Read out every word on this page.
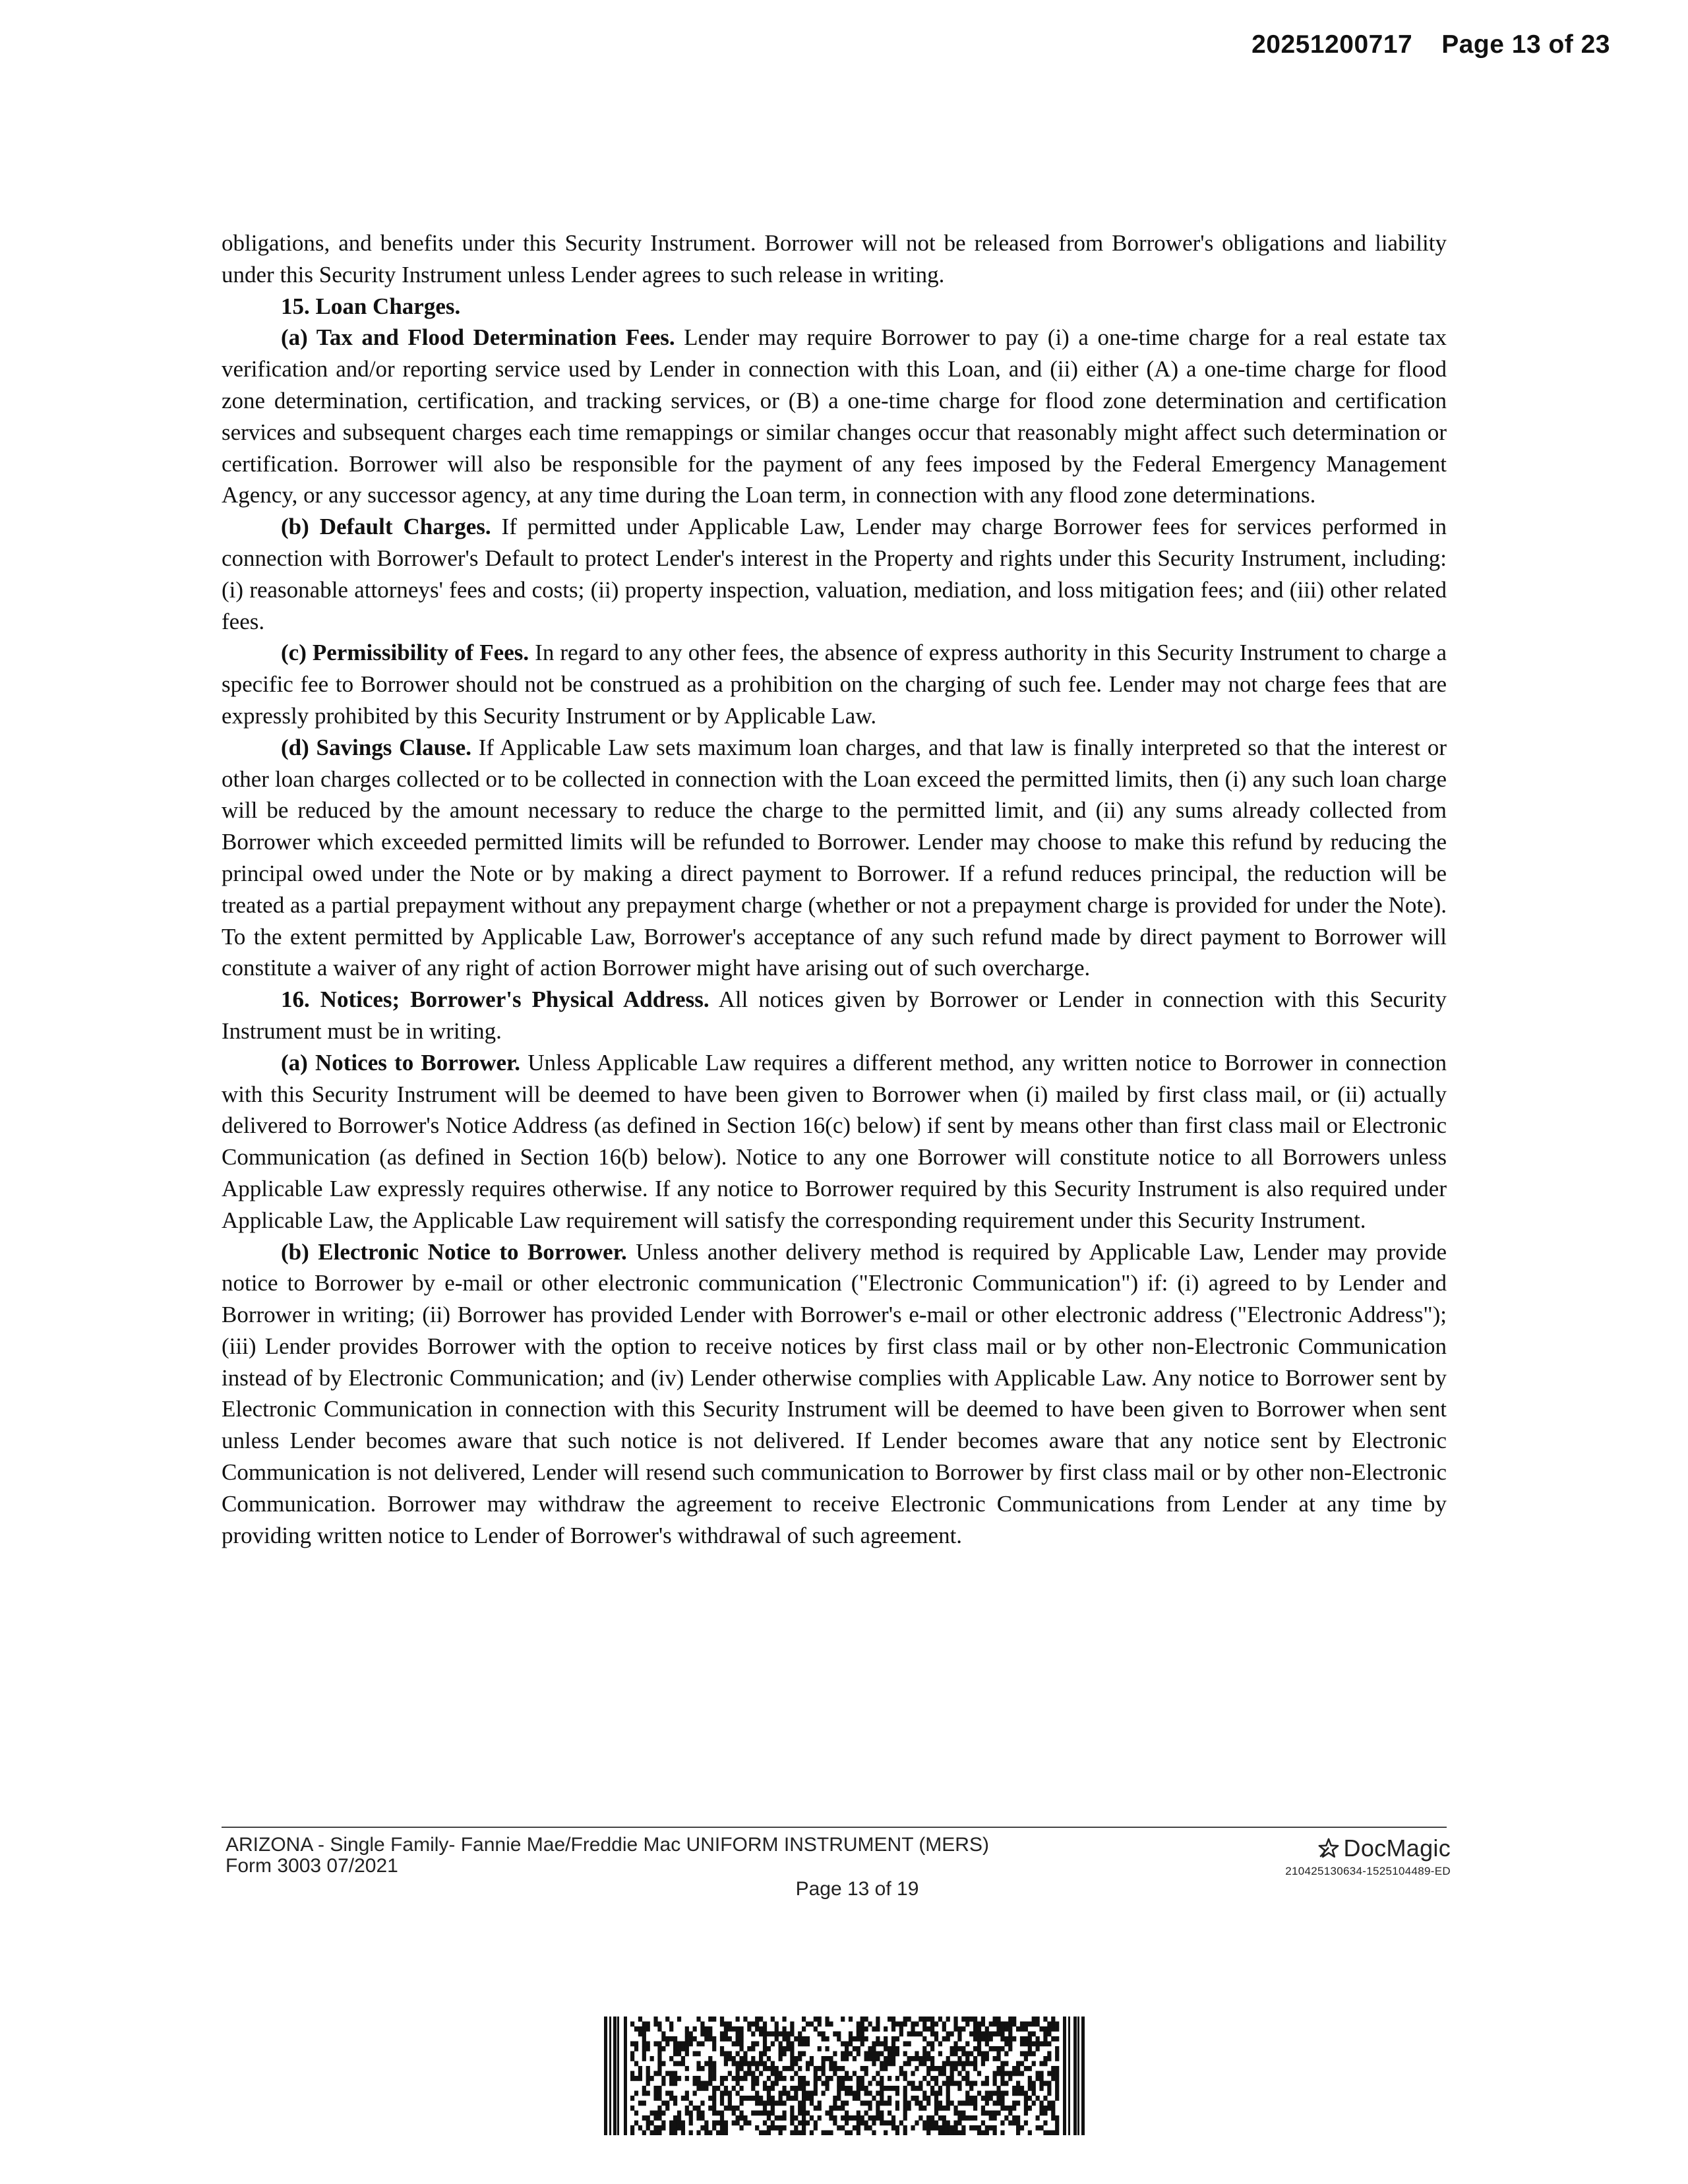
20251200717 Page 13 of 23

obligations, and benefits under this Security Instrument. Borrower will not be released from Borrower's obligations and liability under this Security Instrument unless Lender agrees to such release in writing.

15. Loan Charges.

(a) Tax and Flood Determination Fees. Lender may require Borrower to pay (i) a one-time charge for a real estate tax verification and/or reporting service used by Lender in connection with this Loan, and (ii) either (A) a one-time charge for flood zone determination, certification, and tracking services, or (B) a one-time charge for flood zone determination and certification services and subsequent charges each time remappings or similar changes occur that reasonably might affect such determination or certification. Borrower will also be responsible for the payment of any fees imposed by the Federal Emergency Management Agency, or any successor agency, at any time during the Loan term, in connection with any flood zone determinations.

(b) Default Charges. If permitted under Applicable Law, Lender may charge Borrower fees for services performed in connection with Borrower's Default to protect Lender's interest in the Property and rights under this Security Instrument, including: (i) reasonable attorneys' fees and costs; (ii) property inspection, valuation, mediation, and loss mitigation fees; and (iii) other related fees.

(c) Permissibility of Fees. In regard to any other fees, the absence of express authority in this Security Instrument to charge a specific fee to Borrower should not be construed as a prohibition on the charging of such fee. Lender may not charge fees that are expressly prohibited by this Security Instrument or by Applicable Law.

(d) Savings Clause. If Applicable Law sets maximum loan charges, and that law is finally interpreted so that the interest or other loan charges collected or to be collected in connection with the Loan exceed the permitted limits, then (i) any such loan charge will be reduced by the amount necessary to reduce the charge to the permitted limit, and (ii) any sums already collected from Borrower which exceeded permitted limits will be refunded to Borrower. Lender may choose to make this refund by reducing the principal owed under the Note or by making a direct payment to Borrower. If a refund reduces principal, the reduction will be treated as a partial prepayment without any prepayment charge (whether or not a prepayment charge is provided for under the Note). To the extent permitted by Applicable Law, Borrower's acceptance of any such refund made by direct payment to Borrower will constitute a waiver of any right of action Borrower might have arising out of such overcharge.

16. Notices; Borrower's Physical Address. All notices given by Borrower or Lender in connection with this Security Instrument must be in writing.

(a) Notices to Borrower. Unless Applicable Law requires a different method, any written notice to Borrower in connection with this Security Instrument will be deemed to have been given to Borrower when (i) mailed by first class mail, or (ii) actually delivered to Borrower's Notice Address (as defined in Section 16(c) below) if sent by means other than first class mail or Electronic Communication (as defined in Section 16(b) below). Notice to any one Borrower will constitute notice to all Borrowers unless Applicable Law expressly requires otherwise. If any notice to Borrower required by this Security Instrument is also required under Applicable Law, the Applicable Law requirement will satisfy the corresponding requirement under this Security Instrument.

(b) Electronic Notice to Borrower. Unless another delivery method is required by Applicable Law, Lender may provide notice to Borrower by e-mail or other electronic communication ("Electronic Communication") if: (i) agreed to by Lender and Borrower in writing; (ii) Borrower has provided Lender with Borrower's e-mail or other electronic address ("Electronic Address"); (iii) Lender provides Borrower with the option to receive notices by first class mail or by other non-Electronic Communication instead of by Electronic Communication; and (iv) Lender otherwise complies with Applicable Law. Any notice to Borrower sent by Electronic Communication in connection with this Security Instrument will be deemed to have been given to Borrower when sent unless Lender becomes aware that such notice is not delivered. If Lender becomes aware that any notice sent by Electronic Communication is not delivered, Lender will resend such communication to Borrower by first class mail or by other non-Electronic Communication. Borrower may withdraw the agreement to receive Electronic Communications from Lender at any time by providing written notice to Lender of Borrower's withdrawal of such agreement.

ARIZONA - Single Family- Fannie Mae/Freddie Mac UNIFORM INSTRUMENT (MERS)
Form 3003 07/2021
Page 13 of 19
DocMagic
210425130634-1525104489-ED
